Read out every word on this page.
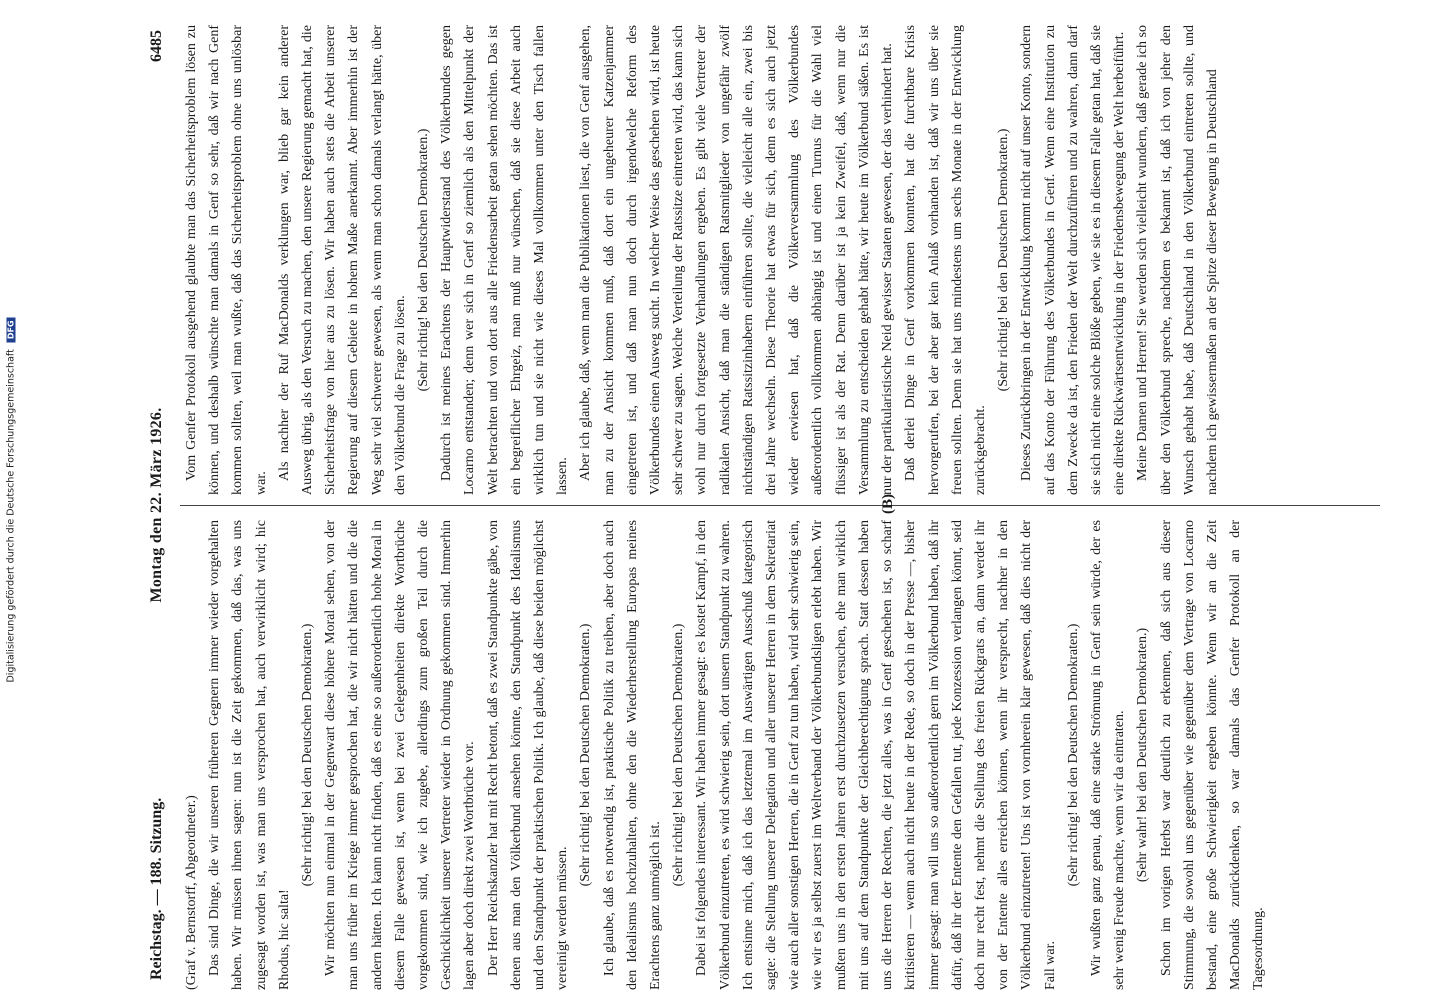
Digitalisierung gefördert durch die Deutsche Forschungsgemeinschaft DFG
Montag den 22. März 1926.
Reichstag. — 188. Sitzung.
6485

(Graf v. Bernstorff, Abgeordneter.) Das sind Dinge, die wir unseren früheren Gegnern immer wieder vorgehalten haben. Wir müssen ihnen sagen: nun ist die Zeit gekommen, daß das, was uns zugesagt worden ist, was man uns versprochen hat, auch verwirklicht wird; hic Rhodus, hic salta!

(Sehr richtig! bei den Deutschen Demokraten.) Wir möchten nun einmal in der Gegenwart diese höhere Moral sehen, von der man uns früher im Kriege immer gesprochen hat, die wir nicht hätten und die die andern hätten. Ich kann nicht finden, daß es eine so außerordentlich hohe Moral in diesem Falle gewesen ist, wenn bei zwei Gelegenheiten direkte Wortbrüche vorgekommen sind, wie ich zugebe, allerdings zum großen Teil durch die Geschicklichkeit unserer Vertreter wieder in Ordnung gekommen sind. Immerhin lagen aber doch direkt zwei Wortbrüche vor. Der Herr Reichskanzler hat mit Recht betont, daß es zwei Standpunkte gäbe, von denen aus man den Völkerbund ansehen könnte, den Standpunkt des Idealismus und den Standpunkt der praktischen Politik. Ich glaube, daß diese beiden möglichst vereinigt werden müssen.

(Sehr richtig! bei den Deutschen Demokraten.) Ich glaube, daß es notwendig ist, praktische Politik zu treiben, aber doch auch den Idealismus hochzuhalten, ohne den die Wiederherstellung Europas meines Erachtens ganz unmöglich ist.

(Sehr richtig! bei den Deutschen Demokraten.) Dabei ist folgendes interessant. Wir haben immer gesagt: es kostet Kampf, in den Völkerbund einzutreten, es wird schwierig sein, dort unsern Standpunkt zu wahren. Ich entsinne mich, daß ich das letztemal im Auswärtigen Ausschuß kategorisch sagte: die Stellung unserer Delegation und aller unserer Herren in dem Sekretariat wie auch aller sonstigen Herren, die in Genf zu tun haben, wird sehr schwierig sein, wie wir es ja selbst zuerst im Weltverband der Völkerbundsligen erlebt haben. Wir mußten uns in den ersten Jahren erst durchzusetzen versuchen, ehe man wirklich mit uns auf dem Standpunkte der Gleichberechtigung sprach. Statt dessen haben uns die Herren der Rechten, die jetzt alles, was in Genf geschehen ist, so scharf kritisieren — wenn auch nicht heute in der Rede, so doch in der Presse —, bisher immer gesagt: man will uns so außerordentlich gern im Völkerbund haben, daß ihr dafür, daß ihr der Entente den Gefallen tut, jede Konzession verlangen könnt, seid doch nur recht fest, nehmt die Stellung des freien Rückgrats an, dann werdet ihr von der Entente alles erreichen können, wenn ihr versprecht, nachher in den Völkerbund einzutreten! Uns ist von vornherein klar gewesen, daß dies nicht der Fall war.

(Sehr richtig! bei den Deutschen Demokraten.) Wir wußten ganz genau, daß eine starke Strömung in Genf sein würde, der es sehr wenig Freude machte, wenn wir da eintraten. (Sehr wahr! bei den Deutschen Demokraten.) Schon im vorigen Herbst war deutlich zu erkennen, daß sich aus dieser Stimmung, die sowohl uns gegenüber wie gegenüber dem Vertrage von Locarno bestand, eine große Schwierigkeit ergeben könnte. Wenn wir an die Zeit MacDonalds zurückdenken, so war damals das Genfer Protokoll an der Tagesordnung.

Vom Genfer Protokoll ausgehend glaubte man das Sicherheitsproblem lösen zu können, und deshalb wünschte man damals in Genf so sehr, daß wir nach Genf kommen sollten, weil man wußte, daß das Sicherheitsproblem ohne uns unlösbar war.

Als nachher der Ruf MacDonalds verklungen war, blieb gar kein anderer Ausweg übrig, als den Versuch zu machen, den unsere Regierung gemacht hat, die Sicherheitsfrage von hier aus zu lösen. Wir haben auch stets die Arbeit unserer Regierung auf diesem Gebiete in hohem Maße anerkannt. Aber immerhin ist der Weg sehr viel schwerer gewesen, als wenn man schon damals verlangt hätte, über den Völkerbund die Frage zu lösen.

(Sehr richtig! bei den Deutschen Demokraten.) Dadurch ist meines Erachtens der Hauptwiderstand des Völkerbundes gegen Locarno entstanden; denn wer sich in Genf so ziemlich als den Mittelpunkt der Welt betrachten und von dort aus alle Friedensarbeit getan sehen möchten. Das ist ein begreiflicher Ehrgeiz, man muß nur wünschen, daß sie diese Arbeit auch wirklich tun und sie nicht wie dieses Mal vollkommen unter den Tisch fallen lassen. Aber ich glaube, daß, wenn man die Publikationen liest, die von Genf ausgehen, man zu der Ansicht kommen muß, daß dort ein ungeheurer Katzenjammer eingetreten ist, und daß man nun doch durch irgendwelche Reform des Völkerbundes einen Ausweg sucht. In welcher Weise das geschehen wird, ist heute sehr schwer zu sagen. Welche Verteilung der Ratssitze eintreten wird, das kann sich wohl nur durch fortgesetzte Verhandlungen ergeben. Es gibt viele Vertreter der radikalen Ansicht, daß man die ständigen Ratsmitglieder von ungefähr zwölf nichtständigen Ratssitzinhabern einführen sollte, die vielleicht alle ein, zwei bis drei Jahre wechseln. Diese Theorie hat etwas für sich, denn es sich auch jetzt wieder erwiesen hat, daß die Völkerversammlung des Völkerbundes außerordentlich vollkommen abhängig ist und einen Turnus für die Wahl viel flüssiger ist als der Rat. Denn darüber ist ja kein Zweifel, daß, wenn nur die Versammlung zu entscheiden gehabt hätte, wir heute im Völkerbund säßen. Es ist nur der partikularistische Neid gewisser Staaten gewesen, der das verhindert hat. Daß derlei Dinge in Genf vorkommen konnten, hat die furchtbare Krisis hervorgerufen, bei der aber gar kein Anlaß vorhanden ist, daß wir uns über sie freuen sollten. Denn sie hat uns mindestens um sechs Monate in der Entwicklung zurückgebracht.

(Sehr richtig! bei den Deutschen Demokraten.) Dieses Zurückbringen in der Entwicklung kommt nicht auf unser Konto, sondern auf das Konto der Führung des Völkerbundes in Genf. Wenn eine Institution zu dem Zwecke da ist, den Frieden der Welt durchzuführen und zu wahren, dann darf sie sich nicht eine solche Blöße geben, wie sie es in diesem Falle getan hat, daß sie eine direkte Rückwärtsentwicklung in der Friedensbewegung der Welt herbeiführt. Meine Damen und Herren! Sie werden sich vielleicht wundern, daß gerade ich so über den Völkerbund spreche, nachdem es bekannt ist, daß ich von jeher den Wunsch gehabt habe, daß Deutschland in den Völkerbund eintreten sollte, und nachdem ich gewissermaßen an der Spitze dieser Bewegung in Deutschland

(B)
